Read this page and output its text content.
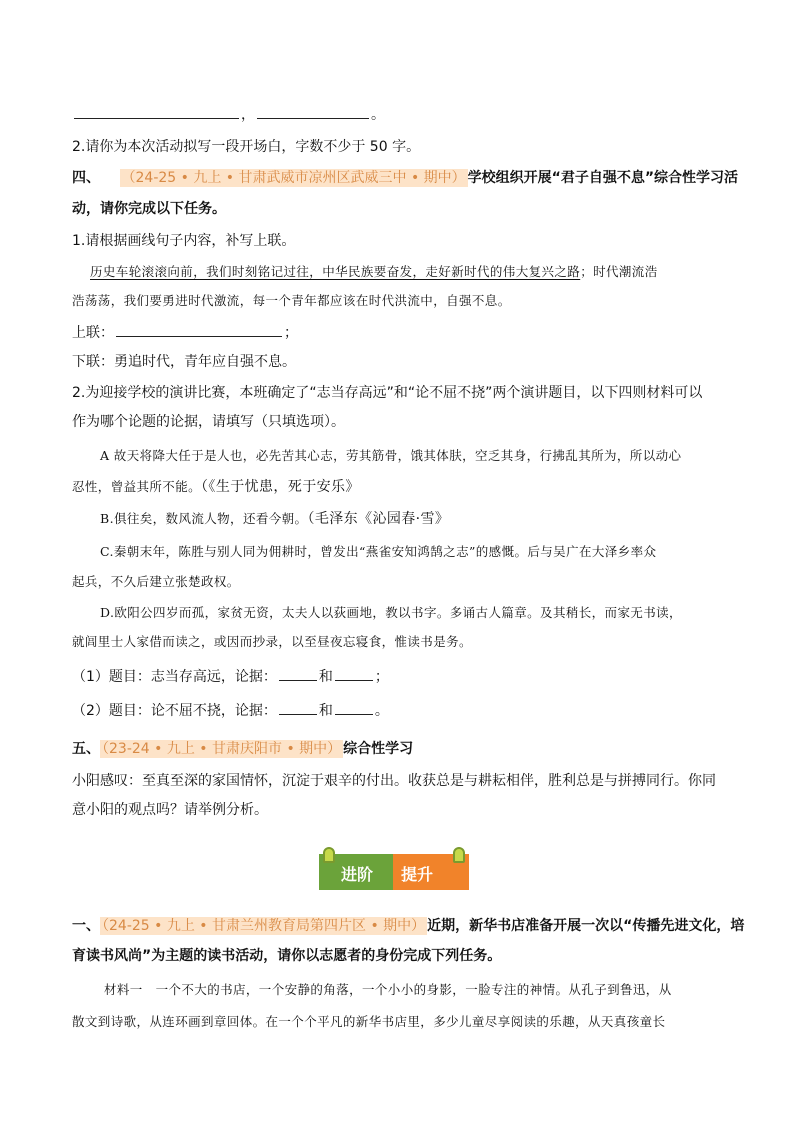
，	。
2.请你为本次活动拟写一段开场白，字数不少于 50 字。
四、 （24-25 • 九上 • 甘肃武威市凉州区武威三中 • 期中） 学校组织开展“君子自强不息”综合性学习活
动，请你完成以下任务。
1.请根据画线句子内容，补写上联。
历史车轮滚滚向前，我们时刻铭记过往，中华民族要奋发，走好新时代的伟大复兴之路；时代潮流浩
浩荡荡，我们要勇进时代激流，每一个青年都应该在时代洪流中，自强不息。
上联：	；
下联：勇追时代，青年应自强不息。
2.为迎接学校的演讲比赛，本班确定了“志当存高远”和“论不屈不挠”两个演讲题目，以下四则材料可以
作为哪个论题的论据，请填写（只填选项）。
A 故天将降大任于是人也，必先苦其心志，劳其筋骨，饿其体肤，空乏其身，行拂乱其所为，所以动心
忍性，曾益其所不能。（《生于忧患，死于安乐》
B.俱往矣，数风流人物，还看今朝。（毛泽东《沁园春·雪》
C.秦朝末年，陈胜与别人同为佣耕时，曾发出“燕雀安知鸿鹄之志”的感慨。后与吴广在大泽乡率众
起兵，不久后建立张楚政权。
D.欧阳公四岁而孤，家贫无资，太夫人以荻画地，教以书字。多诵古人篇章。及其稍长，而家无书读，
就闾里士人家借而读之，或因而抄录，以至昼夜忘寝食，惟读书是务。
（1）题目：志当存高远，论据：	和	；
（2）题目：论不屈不挠，论据：	和	。
五、 （23-24 • 九上 • 甘肃庆阳市 • 期中） 综合性学习
小阳感叹：至真至深的家国情怀，沉淀于艰辛的付出。收获总是与耕耘相伴，胜利总是与拼搏同行。你同
意小阳的观点吗？请举例分析。
进阶 提升
一、 （24-25 • 九上 • 甘肃兰州教育局第四片区 • 期中） 近期，新华书店准备开展一次以“传播先进文化，培
育读书风尚”为主题的读书活动，请你以志愿者的身份完成下列任务。
材料一　一个不大的书店，一个安静的角落，一个小小的身影，一脸专注的神情。从孔子到鲁迅，从
散文到诗歌，从连环画到章回体。在一个个平凡的新华书店里，多少儿童尽享阅读的乐趣，从天真孩童长
